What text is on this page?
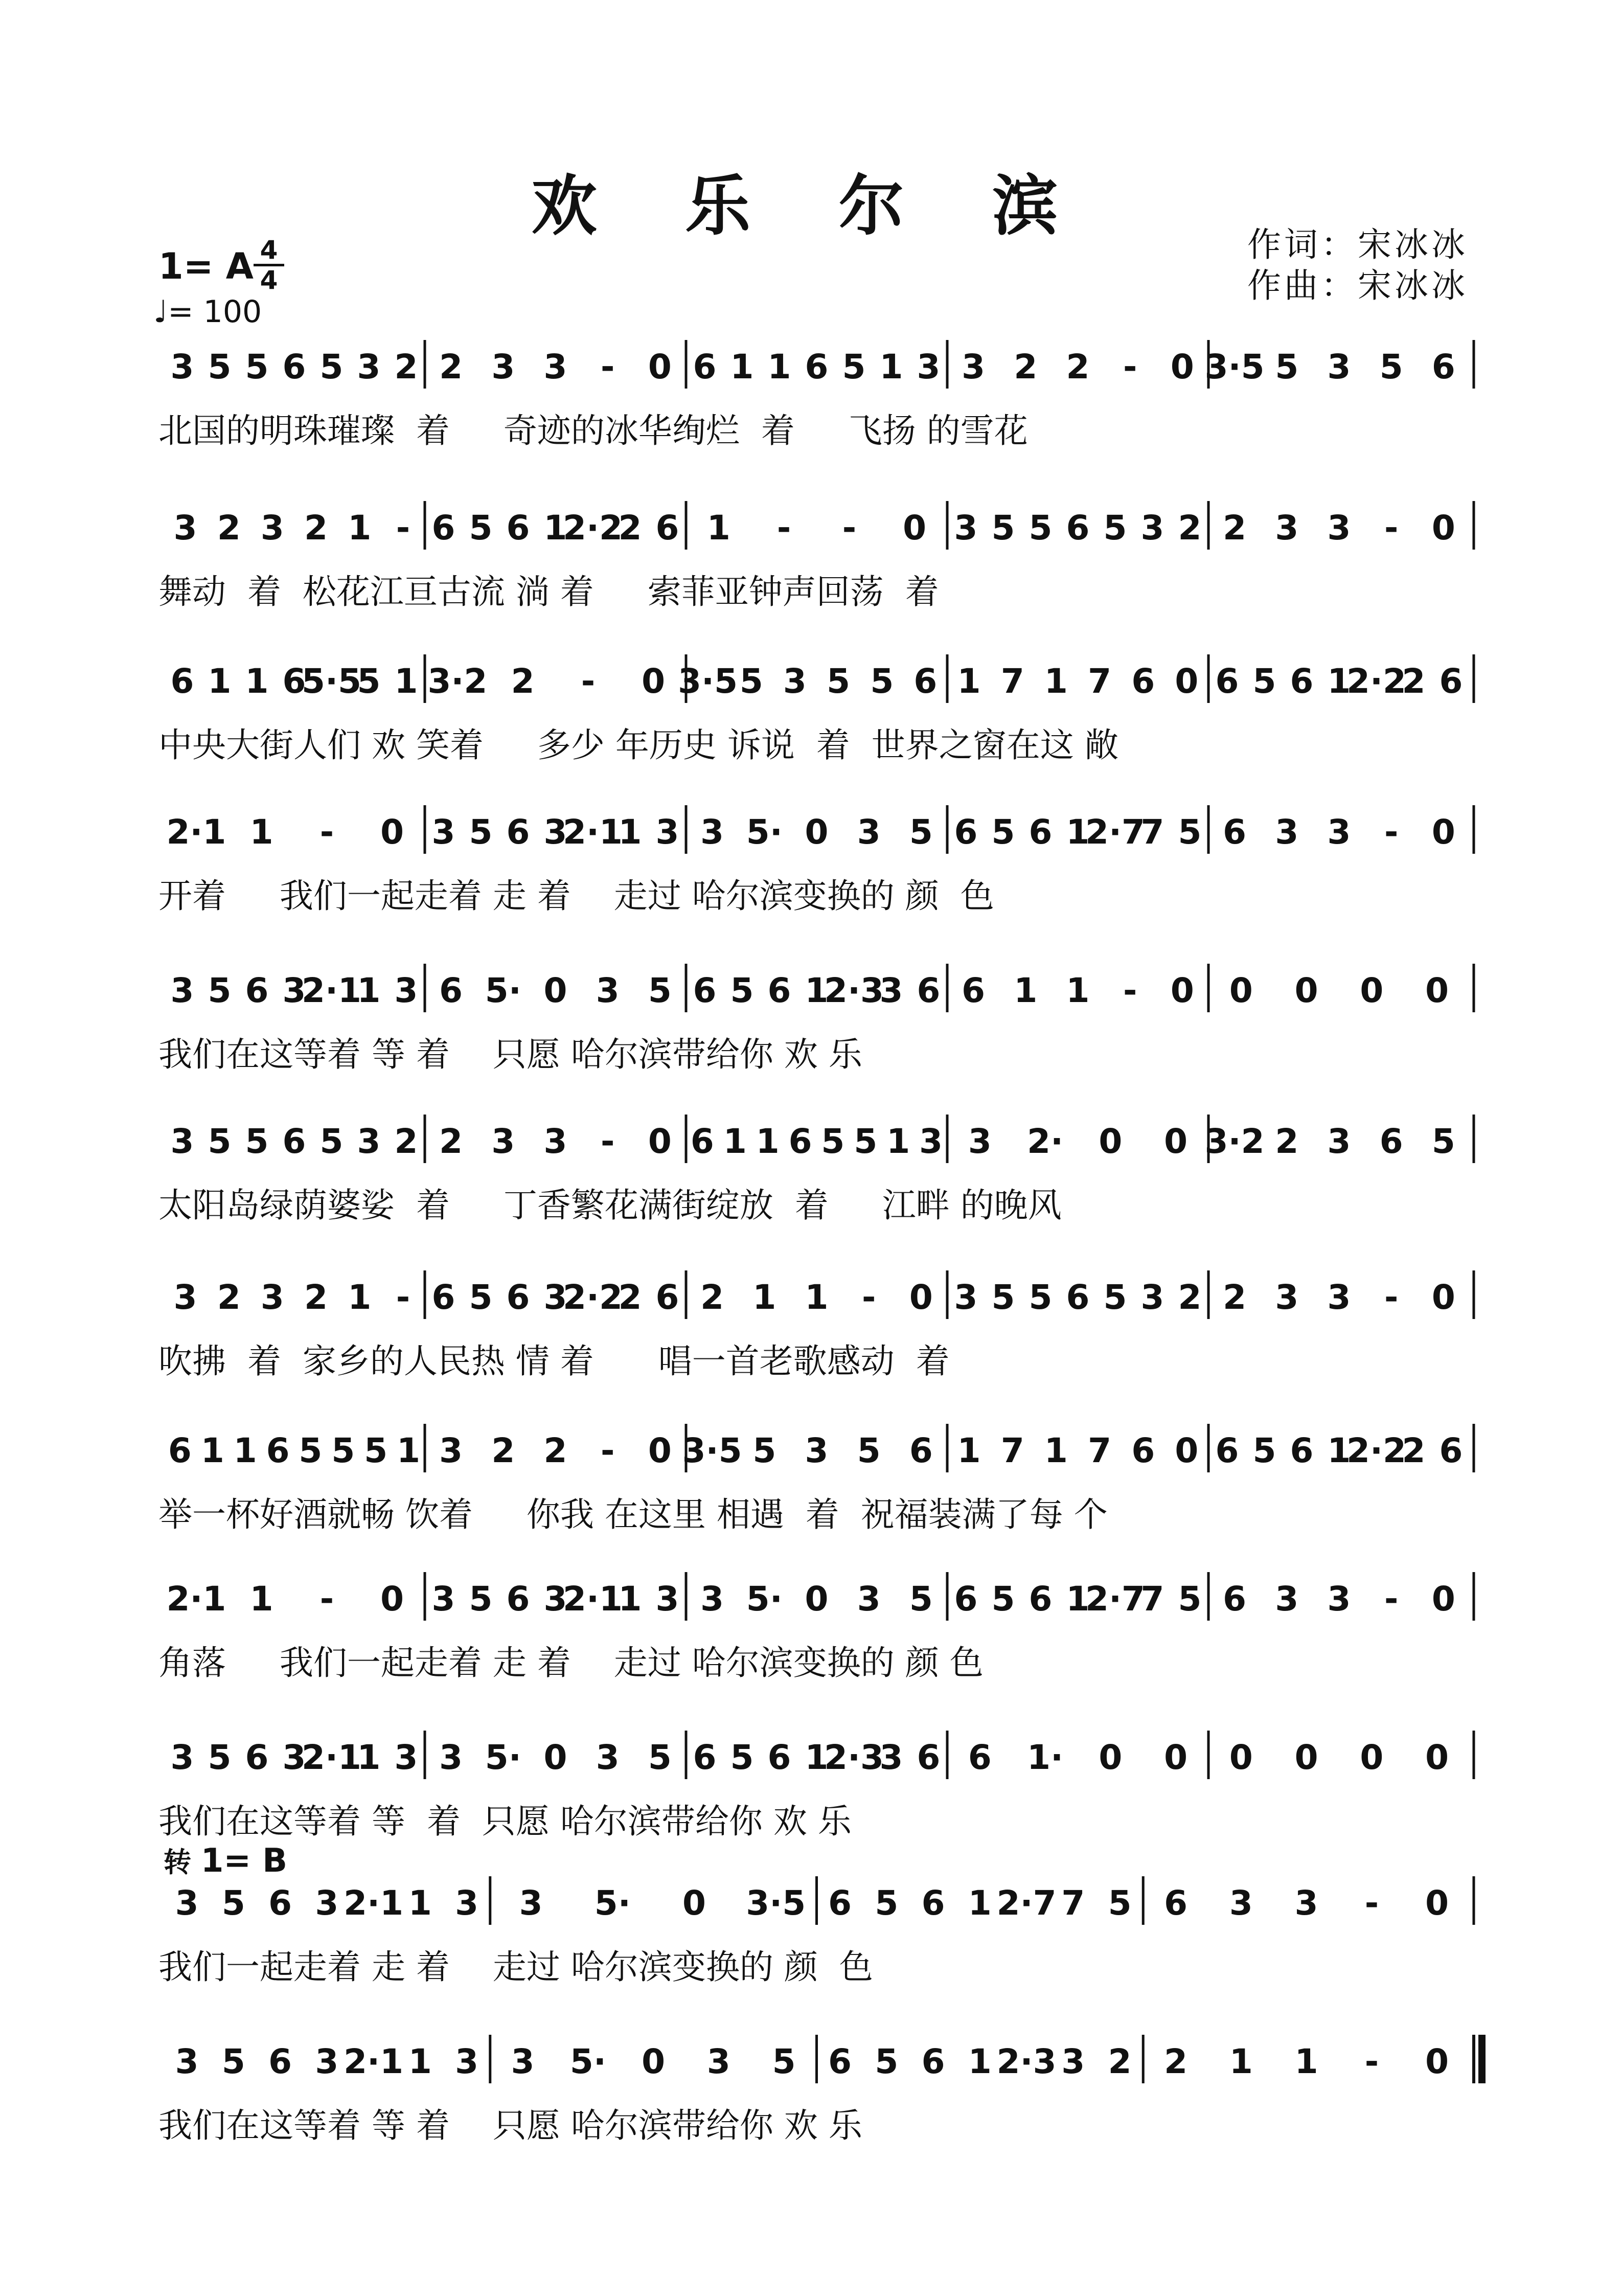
欢 乐 尔 滨
作词：宋冰冰
作曲：宋冰冰
1= A 4
4
♩= 100
转 1= B
3 5 5 6 5 3 2 2 3 3 - 0 6 1 1 6 5 1 3 3 2 2 - 0 3·5 5 3 5 6
北国的明珠璀璨  着     奇迹的冰华绚烂  着     飞扬 的雪花
3 2 3 2 1 - 6 5 6 1
2·2
2 6 1 - - 0 3 5 5 6 5 3 2 2 3 3 - 0
舞动  着  松花江亘古流 淌 着     索菲亚钟声回荡  着
6 1 1 6
5·5
5 1 3·2 2 - 0 3·5 5 3 5 5 6 1 7 1 7 6 0 6 5 6 1
2·2
2 6
中央大街人们 欢 笑着     多少 年历史 诉说  着  世界之窗在这 敞
2·1 1 - 0 3 5 6 3
2·1
1 3 3 5· 0 3 5 6 5 6 1
2·7
7 5 6 3 3 - 0
开着     我们一起走着 走 着    走过 哈尔滨变换的 颜  色
3 5 6 3
2·1
1 3 6 5· 0 3 5 6 5 6 1
2·3
3 6 6 1 1 - 0 0 0 0 0
我们在这等着 等 着    只愿 哈尔滨带给你 欢 乐
3 5 5 6 5 3 2 2 3 3 - 0 6 1 1 6 5 5 1 3 3 2· 0 0 3·2 2 3 6 5
太阳岛绿荫婆娑  着     丁香繁花满街绽放  着     江畔 的晚风
3 2 3 2 1 - 6 5 6 3
2·2
2 6 2 1 1 - 0 3 5 5 6 5 3 2 2 3 3 - 0
吹拂  着  家乡的人民热 情 着      唱一首老歌感动  着
6 1 1 6 5 5 5 1 3 2 2 - 0 3·5 5 3 5 6 1 7 1 7 6 0 6 5 6 1
2·2
2 6
举一杯好酒就畅 饮着     你我 在这里 相遇  着  祝福装满了每 个
2·1 1 - 0 3 5 6 3
2·1
1 3 3 5· 0 3 5 6 5 6 1
2·7
7 5 6 3 3 - 0
角落     我们一起走着 走 着    走过 哈尔滨变换的 颜 色
3 5 6 3
2·1
1 3 3 5· 0 3 5 6 5 6 1
2·3
3 6 6 1· 0 0 0 0 0 0
我们在这等着 等  着  只愿 哈尔滨带给你 欢 乐
3 5 6 3 2·1 1 3 3 5· 0 3·5 6 5 6 1 2·7 7 5 6 3 3 - 0
我们一起走着 走 着    走过 哈尔滨变换的 颜  色
3 5 6 3 2·1 1 3 3 5· 0 3 5 6 5 6 1 2·3 3 2 2 1 1 - 0
我们在这等着 等 着    只愿 哈尔滨带给你 欢 乐
